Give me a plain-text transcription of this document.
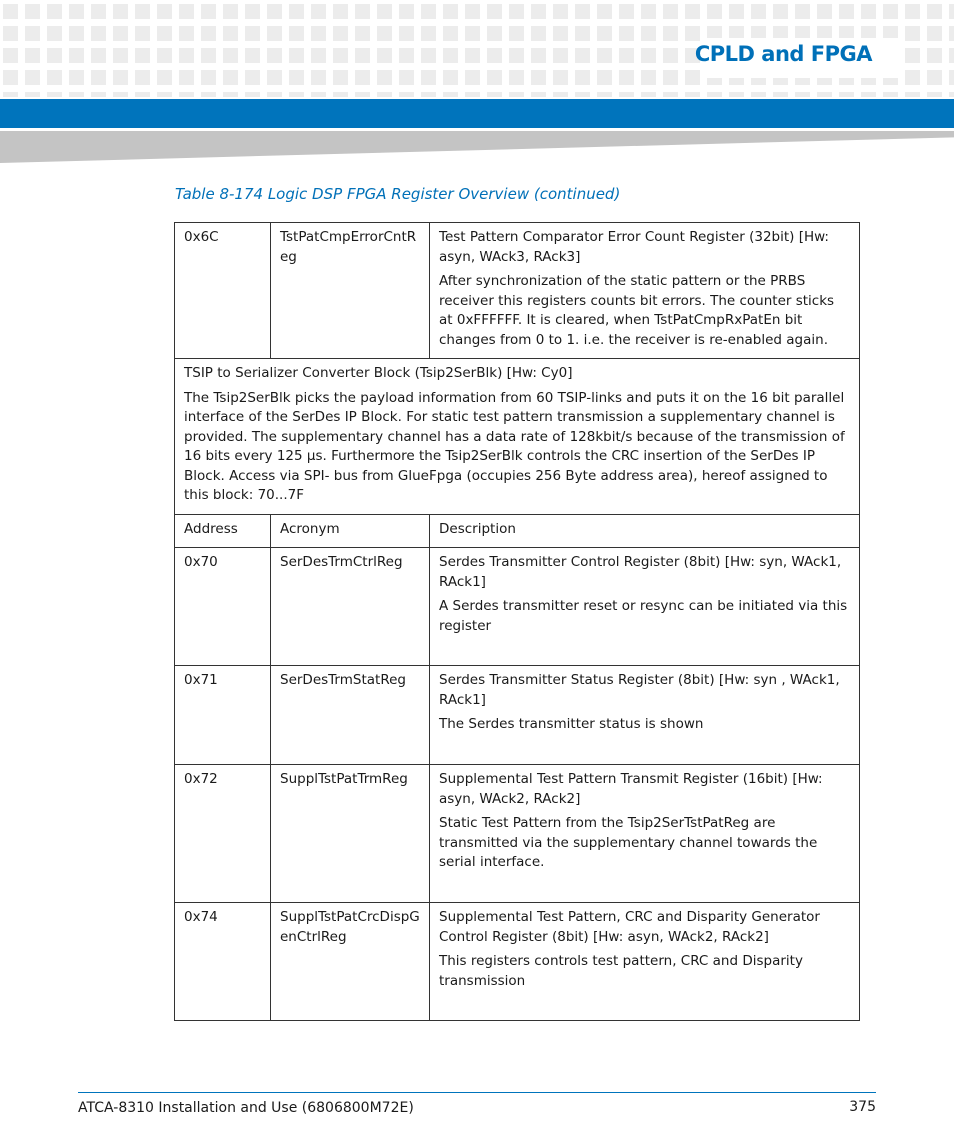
CPLD and FPGA
Table 8-174 Logic DSP FPGA Register Overview (continued)
0x6C	TstPatCmpErrorCntReg	Test Pattern Comparator Error Count Register (32bit) [Hw: asyn, WAck3, RAck3]

After synchronization of the static pattern or the PRBS receiver this registers counts bit errors. The counter sticks at 0xFFFFFF. It is cleared, when TstPatCmpRxPatEn bit changes from 0 to 1. i.e. the receiver is re-enabled again.

TSIP to Serializer Converter Block (Tsip2SerBlk) [Hw: Cy0]

The Tsip2SerBlk picks the payload information from 60 TSIP-links and puts it on the 16 bit parallel interface of the SerDes IP Block. For static test pattern transmission a supplementary channel is provided. The supplementary channel has a data rate of 128kbit/s because of the transmission of 16 bits every 125 µs. Furthermore the Tsip2SerBlk controls the CRC insertion of the SerDes IP Block. Access via SPI- bus from GlueFpga (occupies 256 Byte address area), hereof assigned to this block: 70...7F		

Address	Acronym	Description
0x70	SerDesTrmCtrlReg	Serdes Transmitter Control Register (8bit) [Hw: syn, WAck1, RAck1]

A Serdes transmitter reset or resync can be initiated via this register

0x71	SerDesTrmStatReg	Serdes Transmitter Status Register (8bit) [Hw: syn , WAck1, RAck1]

The Serdes transmitter status is shown

0x72	SupplTstPatTrmReg	Supplemental Test Pattern Transmit Register (16bit) [Hw: asyn, WAck2, RAck2]

Static Test Pattern from the Tsip2SerTstPatReg are transmitted via the supplementary channel towards the serial interface.

0x74	SupplTstPatCrcDispGenCtrlReg	Supplemental Test Pattern, CRC and Disparity Generator Control Register (8bit) [Hw: asyn, WAck2, RAck2]

This registers controls test pattern, CRC and Disparity transmission

ATCA-8310 Installation and Use (6806800M72E)	375
